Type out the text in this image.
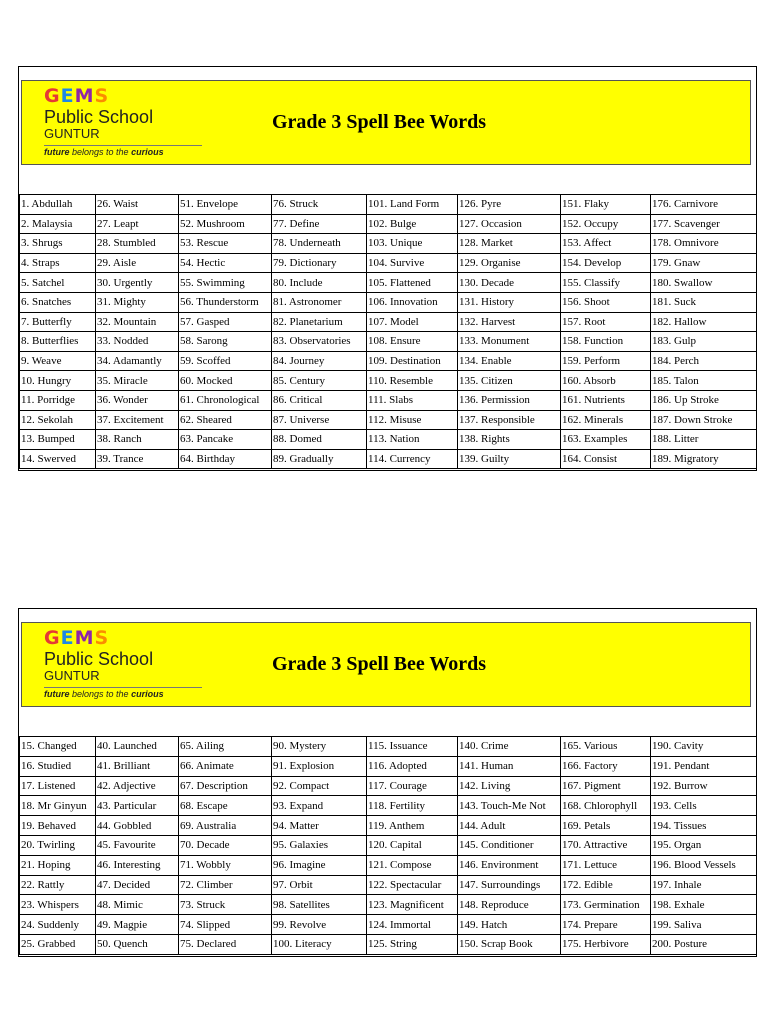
GEMS
Public School
GUNTUR
future belongs to the curious
Grade 3 Spell Bee Words
1. Abdullah	26. Waist	51. Envelope	76. Struck	101. Land Form	126. Pyre	151. Flaky	176. Carnivore
2. Malaysia	27. Leapt	52. Mushroom	77. Define	102. Bulge	127. Occasion	152. Occupy	177. Scavenger
3. Shrugs	28. Stumbled	53. Rescue	78. Underneath	103. Unique	128. Market	153. Affect	178. Omnivore
4. Straps	29. Aisle	54. Hectic	79. Dictionary	104. Survive	129. Organise	154. Develop	179. Gnaw
5. Satchel	30. Urgently	55. Swimming	80. Include	105. Flattened	130. Decade	155. Classify	180. Swallow
6. Snatches	31. Mighty	56. Thunderstorm	81. Astronomer	106. Innovation	131. History	156. Shoot	181. Suck
7. Butterfly	32. Mountain	57. Gasped	82. Planetarium	107. Model	132. Harvest	157. Root	182. Hallow
8. Butterflies	33. Nodded	58. Sarong	83. Observatories	108. Ensure	133. Monument	158. Function	183. Gulp
9. Weave	34. Adamantly	59. Scoffed	84. Journey	109. Destination	134. Enable	159. Perform	184. Perch
10. Hungry	35. Miracle	60. Mocked	85. Century	110. Resemble	135. Citizen	160. Absorb	185. Talon
11. Porridge	36. Wonder	61. Chronological	86. Critical	111. Slabs	136. Permission	161. Nutrients	186. Up Stroke
12. Sekolah	37. Excitement	62. Sheared	87. Universe	112. Misuse	137. Responsible	162. Minerals	187. Down Stroke
13. Bumped	38. Ranch	63. Pancake	88. Domed	113. Nation	138. Rights	163. Examples	188. Litter
14. Swerved	39. Trance	64. Birthday	89. Gradually	114. Currency	139. Guilty	164. Consist	189. Migratory
GEMS
Public School
GUNTUR
future belongs to the curious
Grade 3 Spell Bee Words
15. Changed	40. Launched	65. Ailing	90. Mystery	115. Issuance	140. Crime	165. Various	190. Cavity
16. Studied	41. Brilliant	66. Animate	91. Explosion	116. Adopted	141. Human	166. Factory	191. Pendant
17. Listened	42. Adjective	67. Description	92. Compact	117. Courage	142. Living	167. Pigment	192. Burrow
18. Mr Ginyun	43. Particular	68. Escape	93. Expand	118. Fertility	143. Touch-Me Not	168. Chlorophyll	193. Cells
19. Behaved	44. Gobbled	69. Australia	94. Matter	119. Anthem	144. Adult	169. Petals	194. Tissues
20. Twirling	45. Favourite	70. Decade	95. Galaxies	120. Capital	145. Conditioner	170. Attractive	195. Organ
21. Hoping	46. Interesting	71. Wobbly	96. Imagine	121. Compose	146. Environment	171. Lettuce	196. Blood Vessels
22. Rattly	47. Decided	72. Climber	97. Orbit	122. Spectacular	147. Surroundings	172. Edible	197. Inhale
23. Whispers	48. Mimic	73. Struck	98. Satellites	123. Magnificent	148. Reproduce	173. Germination	198. Exhale
24. Suddenly	49. Magpie	74. Slipped	99. Revolve	124. Immortal	149. Hatch	174. Prepare	199. Saliva
25. Grabbed	50. Quench	75. Declared	100. Literacy	125. String	150. Scrap Book	175. Herbivore	200. Posture
